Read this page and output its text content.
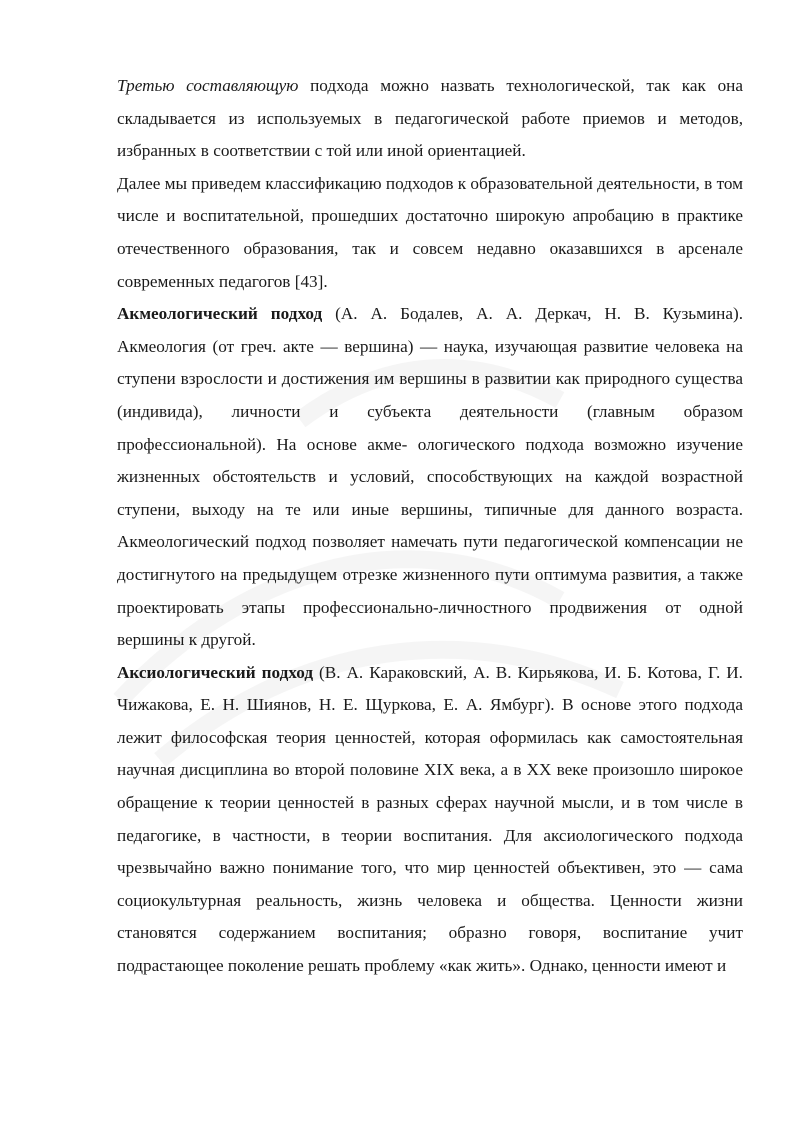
Третью составляющую подхода можно назвать технологической, так как она складывается из используемых в педагогической работе приемов и методов, избранных в соответствии с той или иной ориентацией.

Далее мы приведем классификацию подходов к образовательной деятельности, в том числе и воспитательной, прошедших достаточно широкую апробацию в практике отечественного образования, так и совсем недавно оказавшихся в арсенале современных педагогов [43].

Акмеологический подход (А. А. Бодалев, А. А. Деркач, Н. В. Кузьмина). Акмеология (от греч. акте — вершина) — наука, изучающая развитие человека на ступени взрослости и достижения им вершины в развитии как природного существа (индивида), личности и субъекта деятельности (главным образом профессиональной). На основе акме- ологического подхода возможно изучение жизненных обстоятельств и условий, способствующих на каждой возрастной ступени, выходу на те или иные вершины, типичные для данного возраста. Акмеологический подход позволяет намечать пути педагогической компенсации не достигнутого на предыдущем отрезке жизненного пути оптимума развития, а также проектировать этапы профессионально-личностного продвижения от одной вершины к другой.

Аксиологический подход (В. А. Караковский, А. В. Кирьякова, И. Б. Котова, Г. И. Чижакова, Е. Н. Шиянов, Н. Е. Щуркова, Е. А. Ямбург). В основе этого подхода лежит философская теория ценностей, которая оформилась как самостоятельная научная дисциплина во второй половине XIX века, а в XX веке произошло широкое обращение к теории ценностей в разных сферах научной мысли, и в том числе в педагогике, в частности, в теории воспитания. Для аксиологического подхода чрезвычайно важно понимание того, что мир ценностей объективен, это — сама социокультурная реальность, жизнь человека и общества. Ценности жизни становятся содержанием воспитания; образно говоря, воспитание учит подрастающее поколение решать проблему «как жить». Однако, ценности имеют и
